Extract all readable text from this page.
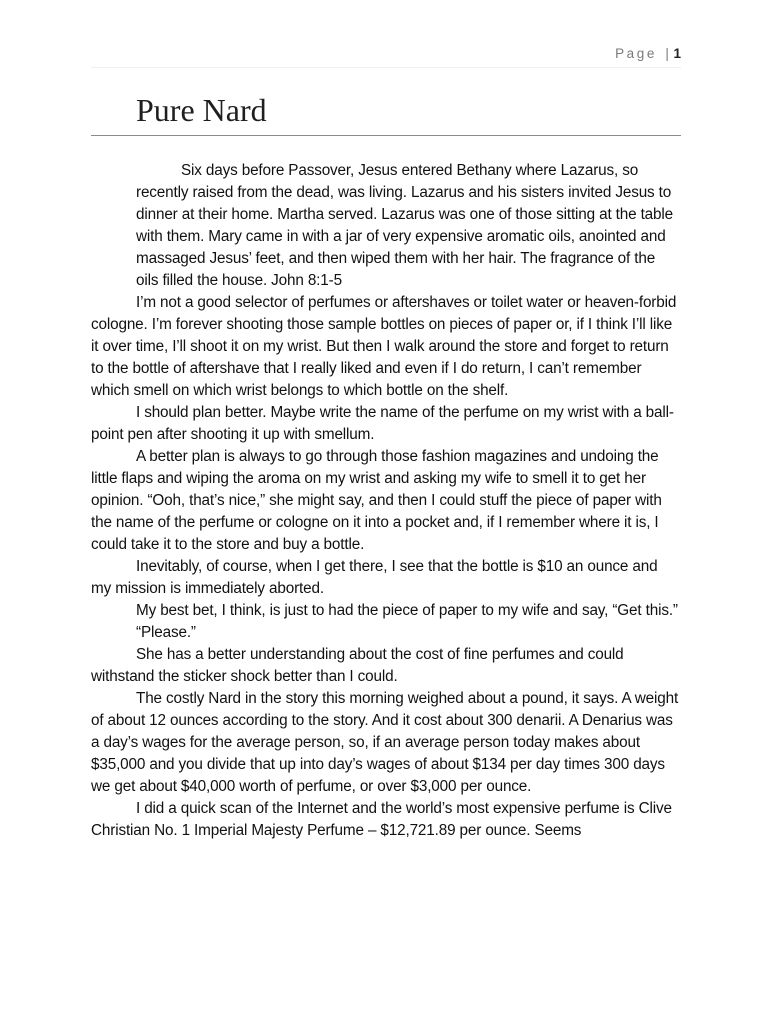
Page | 1
Pure Nard

Six days before Passover, Jesus entered Bethany where Lazarus, so recently raised from the dead, was living. Lazarus and his sisters invited Jesus to dinner at their home. Martha served. Lazarus was one of those sitting at the table with them. Mary came in with a jar of very expensive aromatic oils, anointed and massaged Jesus’ feet, and then wiped them with her hair. The fragrance of the oils filled the house. John 8:1-5

I’m not a good selector of perfumes or aftershaves or toilet water or heaven-forbid cologne. I’m forever shooting those sample bottles on pieces of paper or, if I think I’ll like it over time, I’ll shoot it on my wrist. But then I walk around the store and forget to return to the bottle of aftershave that I really liked and even if I do return, I can’t remember which smell on which wrist belongs to which bottle on the shelf.

I should plan better. Maybe write the name of the perfume on my wrist with a ball-point pen after shooting it up with smellum.

A better plan is always to go through those fashion magazines and undoing the little flaps and wiping the aroma on my wrist and asking my wife to smell it to get her opinion. “Ooh, that’s nice,” she might say, and then I could stuff the piece of paper with the name of the perfume or cologne on it into a pocket and, if I remember where it is, I could take it to the store and buy a bottle.

Inevitably, of course, when I get there, I see that the bottle is $10 an ounce and my mission is immediately aborted.

My best bet, I think, is just to had the piece of paper to my wife and say, “Get this.”

“Please.”

She has a better understanding about the cost of fine perfumes and could withstand the sticker shock better than I could.

The costly Nard in the story this morning weighed about a pound, it says. A weight of about 12 ounces according to the story. And it cost about 300 denarii. A Denarius was a day’s wages for the average person, so, if an average person today makes about $35,000 and you divide that up into day’s wages of about $134 per day times 300 days we get about $40,000 worth of perfume, or over $3,000 per ounce.

I did a quick scan of the Internet and the world’s most expensive perfume is Clive Christian No. 1 Imperial Majesty Perfume – $12,721.89 per ounce. Seems
